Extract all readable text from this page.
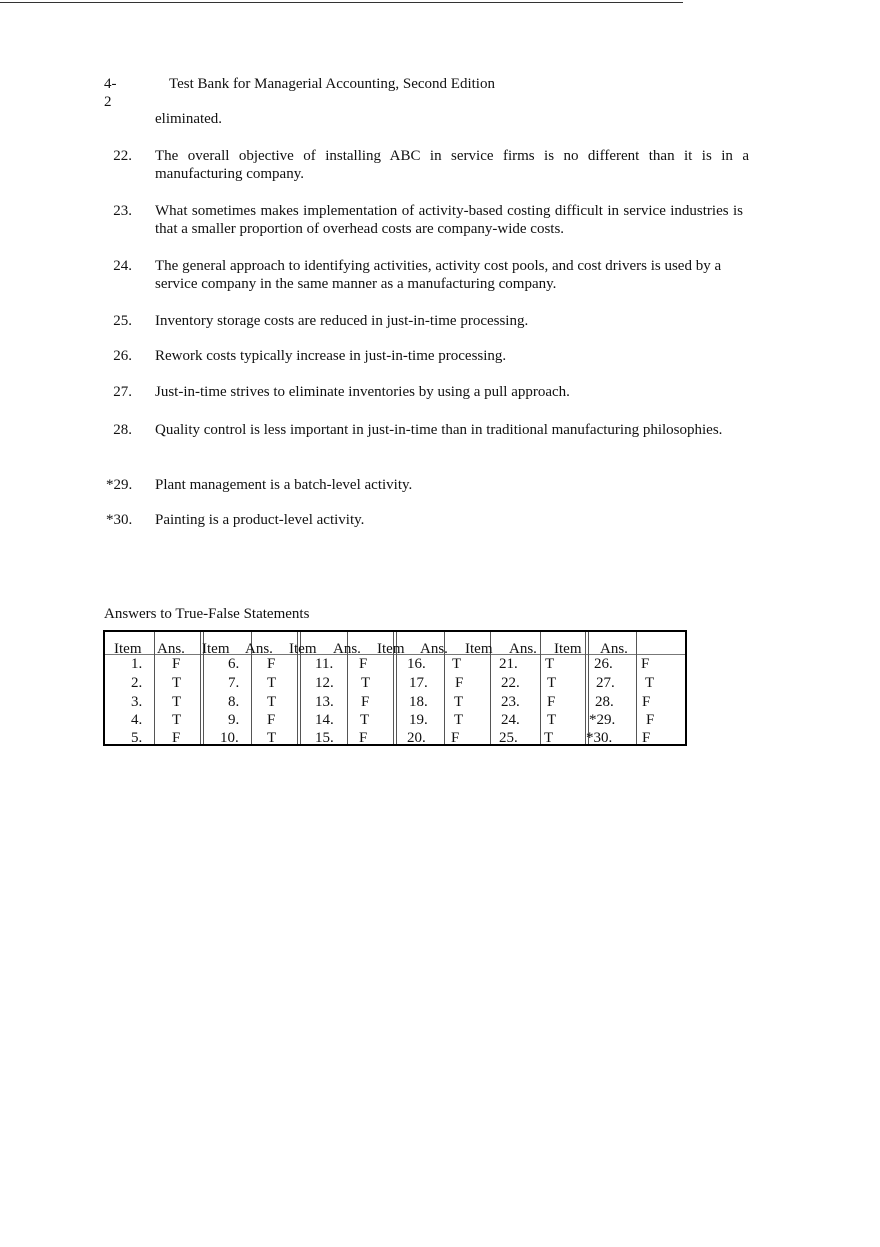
4-
2
Test Bank for Managerial Accounting, Second Edition
eliminated.
22. The overall objective of installing ABC in service firms is no different than it is in a manufacturing company.
23. What sometimes makes implementation of activity-based costing difficult in service industries is that a smaller proportion of overhead costs are company-wide costs.
24. The general approach to identifying activities, activity cost pools, and cost drivers is used by a service company in the same manner as a manufacturing company.
25. Inventory storage costs are reduced in just-in-time processing.
26. Rework costs typically increase in just-in-time processing.
27. Just-in-time strives to eliminate inventories by using a pull approach.
28. Quality control is less important in just-in-time than in traditional manufacturing philosophies.
*29.	Plant management is a batch-level activity.
*30.	Painting is a product-level activity.
Answers to True-False Statements
Item Ans. Item Ans. Item Ans. Item Ans. Item Ans. Item Ans.
1. F
2. T
3. T
4. T
5. F
6. F
7. T
8. T
9. F
10. T
11. F
12. T
13. F
14. T
15. F
16. T
17. F
18. T
19. T
20. F
21. T
22. T
23. F
24. T
25. T
26. F
27. T
28. F
*29. F
*30. F
